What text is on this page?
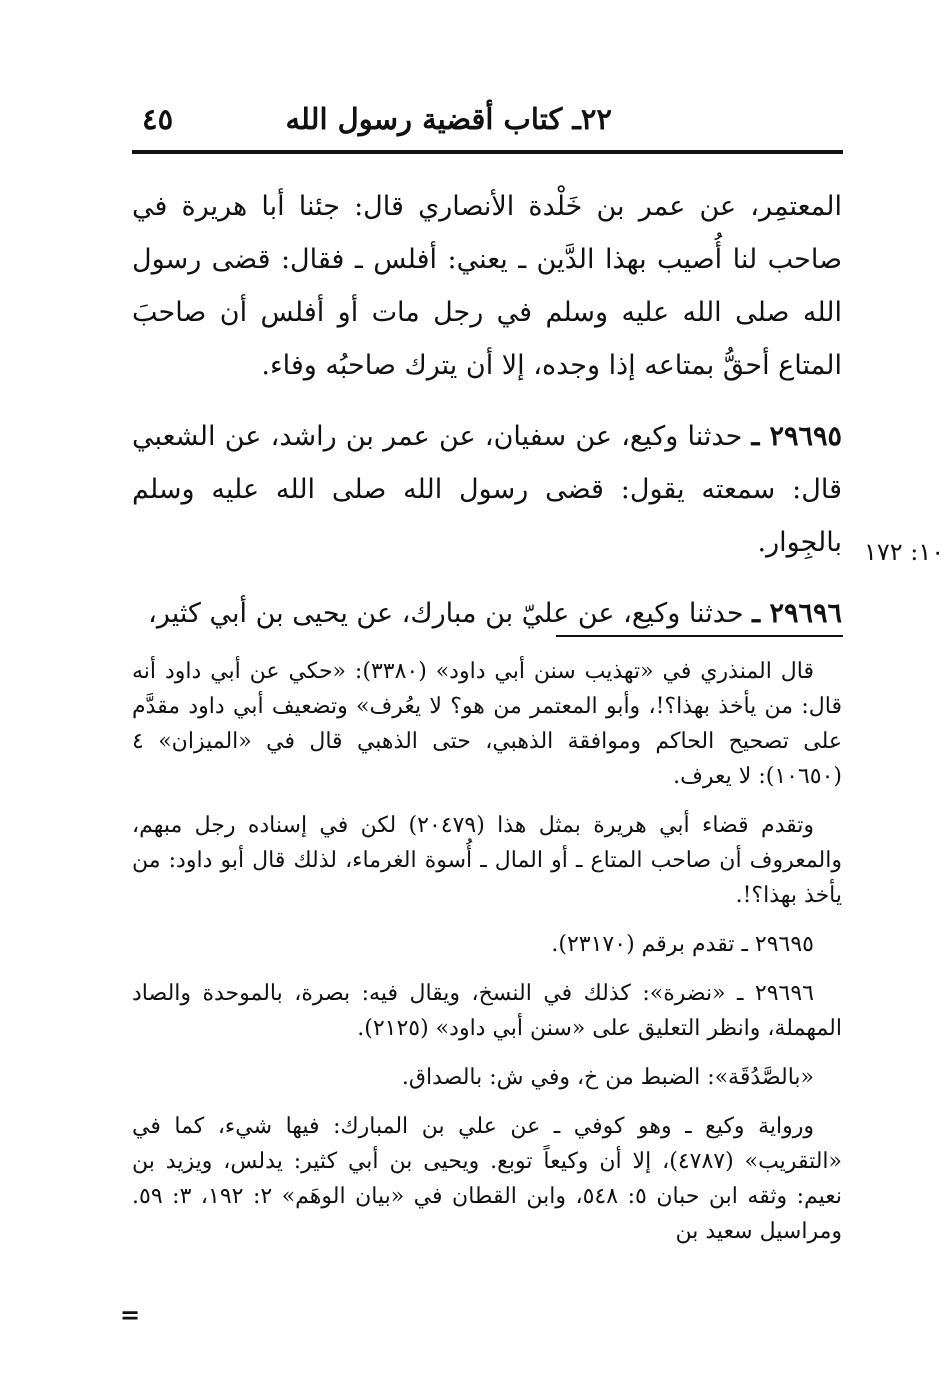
٢٢ـ كتاب أقضية رسول الله
٤٥

المعتمِر، عن عمر بن خَلْدة الأنصاري قال: جئنا أبا هريرة في صاحب لنا أُصيب بهذا الدَّين ـ يعني: أفلس ـ فقال: قضى رسول الله صلى الله عليه وسلم في رجل مات أو أفلس أن صاحبَ المتاع أحقُّ بمتاعه إذا وجده، إلا أن يترك صاحبُه وفاء.

٢٩٦٩٥ ـ حدثنا وكيع، عن سفيان، عن عمر بن راشد، عن الشعبي قال: سمعته يقول: قضى رسول الله صلى الله عليه وسلم بالجِوار.

٢٩٦٩٦ ـ حدثنا وكيع، عن عليّ بن مبارك، عن يحيى بن أبي كثير،

١٠: ١٧٢

قال المنذري في «تهذيب سنن أبي داود» (٣٣٨٠): «حكي عن أبي داود أنه قال: من يأخذ بهذا؟!، وأبو المعتمر من هو؟ لا يعُرف» وتضعيف أبي داود مقدَّم على تصحيح الحاكم وموافقة الذهبي، حتى الذهبي قال في «الميزان» ٤ (١٠٦٥٠): لا يعرف.

وتقدم قضاء أبي هريرة بمثل هذا (٢٠٤٧٩) لكن في إسناده رجل مبهم، والمعروف أن صاحب المتاع ـ أو المال ـ أُسوة الغرماء، لذلك قال أبو داود: من يأخذ بهذا؟!.

٢٩٦٩٥ ـ تقدم برقم (٢٣١٧٠).

٢٩٦٩٦ ـ «نضرة»: كذلك في النسخ، ويقال فيه: بصرة، بالموحدة والصاد المهملة، وانظر التعليق على «سنن أبي داود» (٢١٢٥).

«بالصَّدُقَة»: الضبط من خ، وفي ش: بالصداق.

ورواية وكيع ـ وهو كوفي ـ عن علي بن المبارك: فيها شيء، كما في «التقريب» (٤٧٨٧)، إلا أن وكيعاً توبع. ويحيى بن أبي كثير: يدلس، ويزيد بن نعيم: وثقه ابن حبان ٥: ٥٤٨، وابن القطان في «بيان الوهَم» ٢: ١٩٢، ٣: ٥٩. ومراسيل سعيد بن

=
